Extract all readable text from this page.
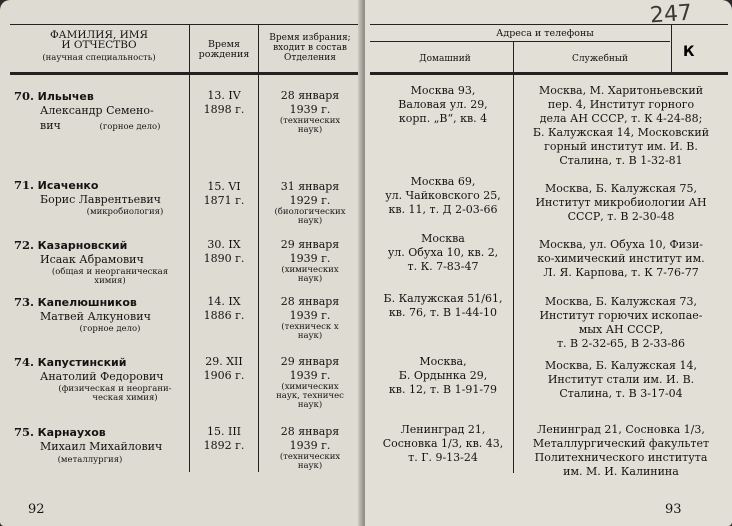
ФАМИЛИЯ, ИМЯ
И ОТЧЕСТВО
(научная специальность)
Время
рождения
Время избрания;
входит в состав
Отделения
70. Ильычев
Александр Семено-
вич	(горное дело)
13. IV
1898 г.
28 января
1939 г.
(технических
наук)
71. Исаченко
Борис Лаврентьевич
(микробиология)
15. VI
1871 г.
31 января
1929 г.
(биологических
наук)
72. Казарновский
Исаак Абрамович
(общая и неорганическая
химия)
30. IX
1890 г.
29 января
1939 г.
(химических
наук)
73. Капелюшников
Матвей Алкунович
(горное дело)
14. IX
1886 г.
28 января
1939 г.
(техническ х
наук)
74. Капустинский
Анатолий Федорович
(физическая и неоргани-
ческая химия)
29. XII
1906 г.
29 января
1939 г.
(химических
наук, техничес
наук)
75. Карнаухов
Михаил Михайлович
(металлургия)
15. III
1892 г.
28 января
1939 г.
(технических
наук)
92
Адреса и телефоны
Домашний	Служебный
Москва 93,
Валовая ул. 29,
корп. „В“, кв. 4
Москва, М. Харитоньевский
пер. 4, Институт горного
дела АН СССР, т. К 4-24-88;
Б. Калужская 14, Московский
горный институт им. И. В.
Сталина, т. В 1-32-81
Москва 69,
ул. Чайковского 25,
кв. 11, т. Д 2-03-66
Москва, Б. Калужская 75,
Институт микробиологии АН
СССР, т. В 2-30-48
Москва
ул. Обуха 10, кв. 2,
т. К. 7-83-47
Москва, ул. Обуха 10, Физи-
ко-химический институт им.
Л. Я. Карпова, т. К 7-76-77
Б. Калужская 51/61,
кв. 76, т. В 1-44-10
Москва, Б. Калужская 73,
Институт горючих ископае-
мых АН СССР,
т. В 2-32-65, В 2-33-86
Москва,
Б. Ордынка 29,
кв. 12, т. В 1-91-79
Москва, Б. Калужская 14,
Институт стали им. И. В.
Сталина, т. В 3-17-04
Ленинград 21,
Сосновка 1/3, кв. 43,
т. Г. 9-13-24
Ленинград 21, Сосновка 1/3,
Металлургический факультет
Политехнического института
им. М. И. Калинина
93
247
К
